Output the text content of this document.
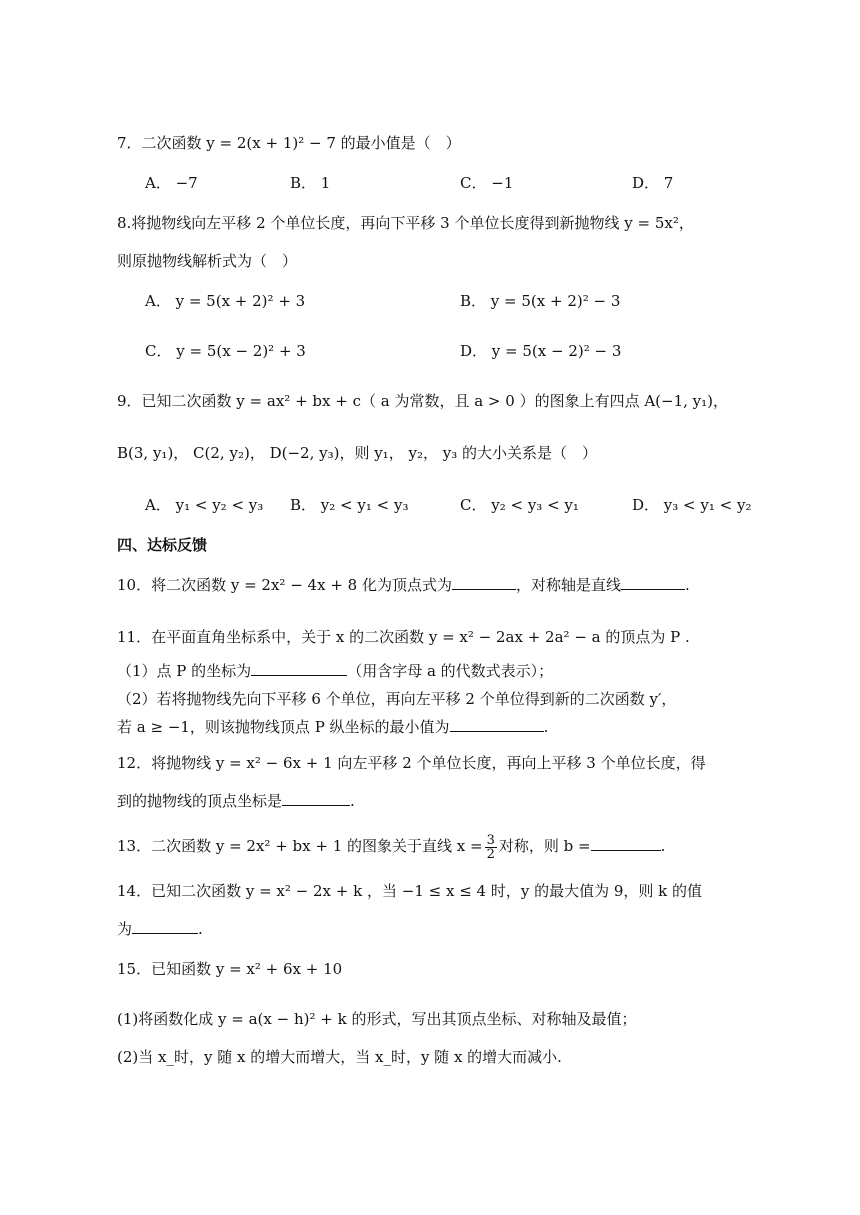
7．二次函数 y = 2(x + 1)² − 7 的最小值是（　）
A． −7	B． 1	C． −1	D． 7
8.将抛物线向左平移 2 个单位长度，再向下平移 3 个单位长度得到新抛物线 y = 5x²，
则原抛物线解析式为（　）
A． y = 5(x + 2)² + 3	B． y = 5(x + 2)² − 3
C． y = 5(x − 2)² + 3	D． y = 5(x − 2)² − 3
9．已知二次函数 y = ax² + bx + c（ a 为常数，且 a > 0 ）的图象上有四点 A(−1, y₁)，
B(3, y₁)， C(2, y₂)， D(−2, y₃)，则 y₁， y₂， y₃ 的大小关系是（　）
A． y₁ < y₂ < y₃ B． y₂ < y₁ < y₃	C． y₂ < y₃ < y₁	D． y₃ < y₁ < y₂
四、达标反馈
10．将二次函数 y = 2x² − 4x + 8 化为顶点式为	，对称轴是直线	.
11．在平面直角坐标系中，关于 x 的二次函数 y = x² − 2ax + 2a² − a 的顶点为 P .
（1）点 P 的坐标为	（用含字母 a 的代数式表示）；
（2）若将抛物线先向下平移 6 个单位，再向左平移 2 个单位得到新的二次函数 y′，
若 a ≥ −1，则该抛物线顶点 P 纵坐标的最小值为	.
12．将抛物线 y = x² − 6x + 1 向左平移 2 个单位长度，再向上平移 3 个单位长度，得
到的抛物线的顶点坐标是	.
13．二次函数 y = 2x² + bx + 1 的图象关于直线 $x = \frac{3}{2}$ 对称，则 b =	.
14．已知二次函数 y = x² − 2x + k ，当 −1 ≤ x ≤ 4 时，y 的最大值为 9，则 k 的值
为	.
15．已知函数 y = x² + 6x + 10
(1)将函数化成 y = a(x − h)² + k 的形式，写出其顶点坐标、对称轴及最值；
(2)当 x_时，y 随 x 的增大而增大，当 x_时，y 随 x 的增大而减小.
